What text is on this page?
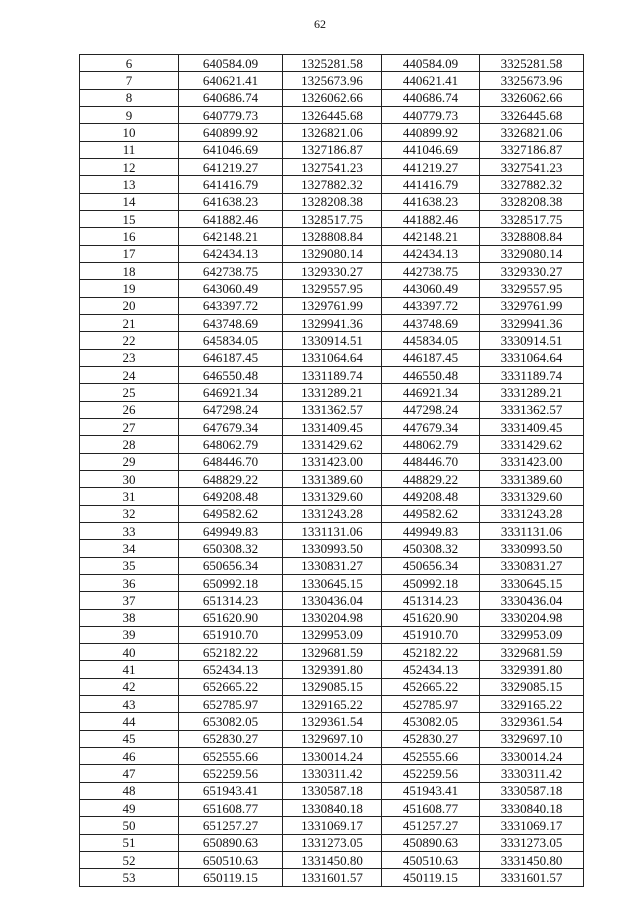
62
6	640584.09	1325281.58	440584.09	3325281.58
7	640621.41	1325673.96	440621.41	3325673.96
8	640686.74	1326062.66	440686.74	3326062.66
9	640779.73	1326445.68	440779.73	3326445.68
10	640899.92	1326821.06	440899.92	3326821.06
11	641046.69	1327186.87	441046.69	3327186.87
12	641219.27	1327541.23	441219.27	3327541.23
13	641416.79	1327882.32	441416.79	3327882.32
14	641638.23	1328208.38	441638.23	3328208.38
15	641882.46	1328517.75	441882.46	3328517.75
16	642148.21	1328808.84	442148.21	3328808.84
17	642434.13	1329080.14	442434.13	3329080.14
18	642738.75	1329330.27	442738.75	3329330.27
19	643060.49	1329557.95	443060.49	3329557.95
20	643397.72	1329761.99	443397.72	3329761.99
21	643748.69	1329941.36	443748.69	3329941.36
22	645834.05	1330914.51	445834.05	3330914.51
23	646187.45	1331064.64	446187.45	3331064.64
24	646550.48	1331189.74	446550.48	3331189.74
25	646921.34	1331289.21	446921.34	3331289.21
26	647298.24	1331362.57	447298.24	3331362.57
27	647679.34	1331409.45	447679.34	3331409.45
28	648062.79	1331429.62	448062.79	3331429.62
29	648446.70	1331423.00	448446.70	3331423.00
30	648829.22	1331389.60	448829.22	3331389.60
31	649208.48	1331329.60	449208.48	3331329.60
32	649582.62	1331243.28	449582.62	3331243.28
33	649949.83	1331131.06	449949.83	3331131.06
34	650308.32	1330993.50	450308.32	3330993.50
35	650656.34	1330831.27	450656.34	3330831.27
36	650992.18	1330645.15	450992.18	3330645.15
37	651314.23	1330436.04	451314.23	3330436.04
38	651620.90	1330204.98	451620.90	3330204.98
39	651910.70	1329953.09	451910.70	3329953.09
40	652182.22	1329681.59	452182.22	3329681.59
41	652434.13	1329391.80	452434.13	3329391.80
42	652665.22	1329085.15	452665.22	3329085.15
43	652785.97	1329165.22	452785.97	3329165.22
44	653082.05	1329361.54	453082.05	3329361.54
45	652830.27	1329697.10	452830.27	3329697.10
46	652555.66	1330014.24	452555.66	3330014.24
47	652259.56	1330311.42	452259.56	3330311.42
48	651943.41	1330587.18	451943.41	3330587.18
49	651608.77	1330840.18	451608.77	3330840.18
50	651257.27	1331069.17	451257.27	3331069.17
51	650890.63	1331273.05	450890.63	3331273.05
52	650510.63	1331450.80	450510.63	3331450.80
53	650119.15	1331601.57	450119.15	3331601.57
